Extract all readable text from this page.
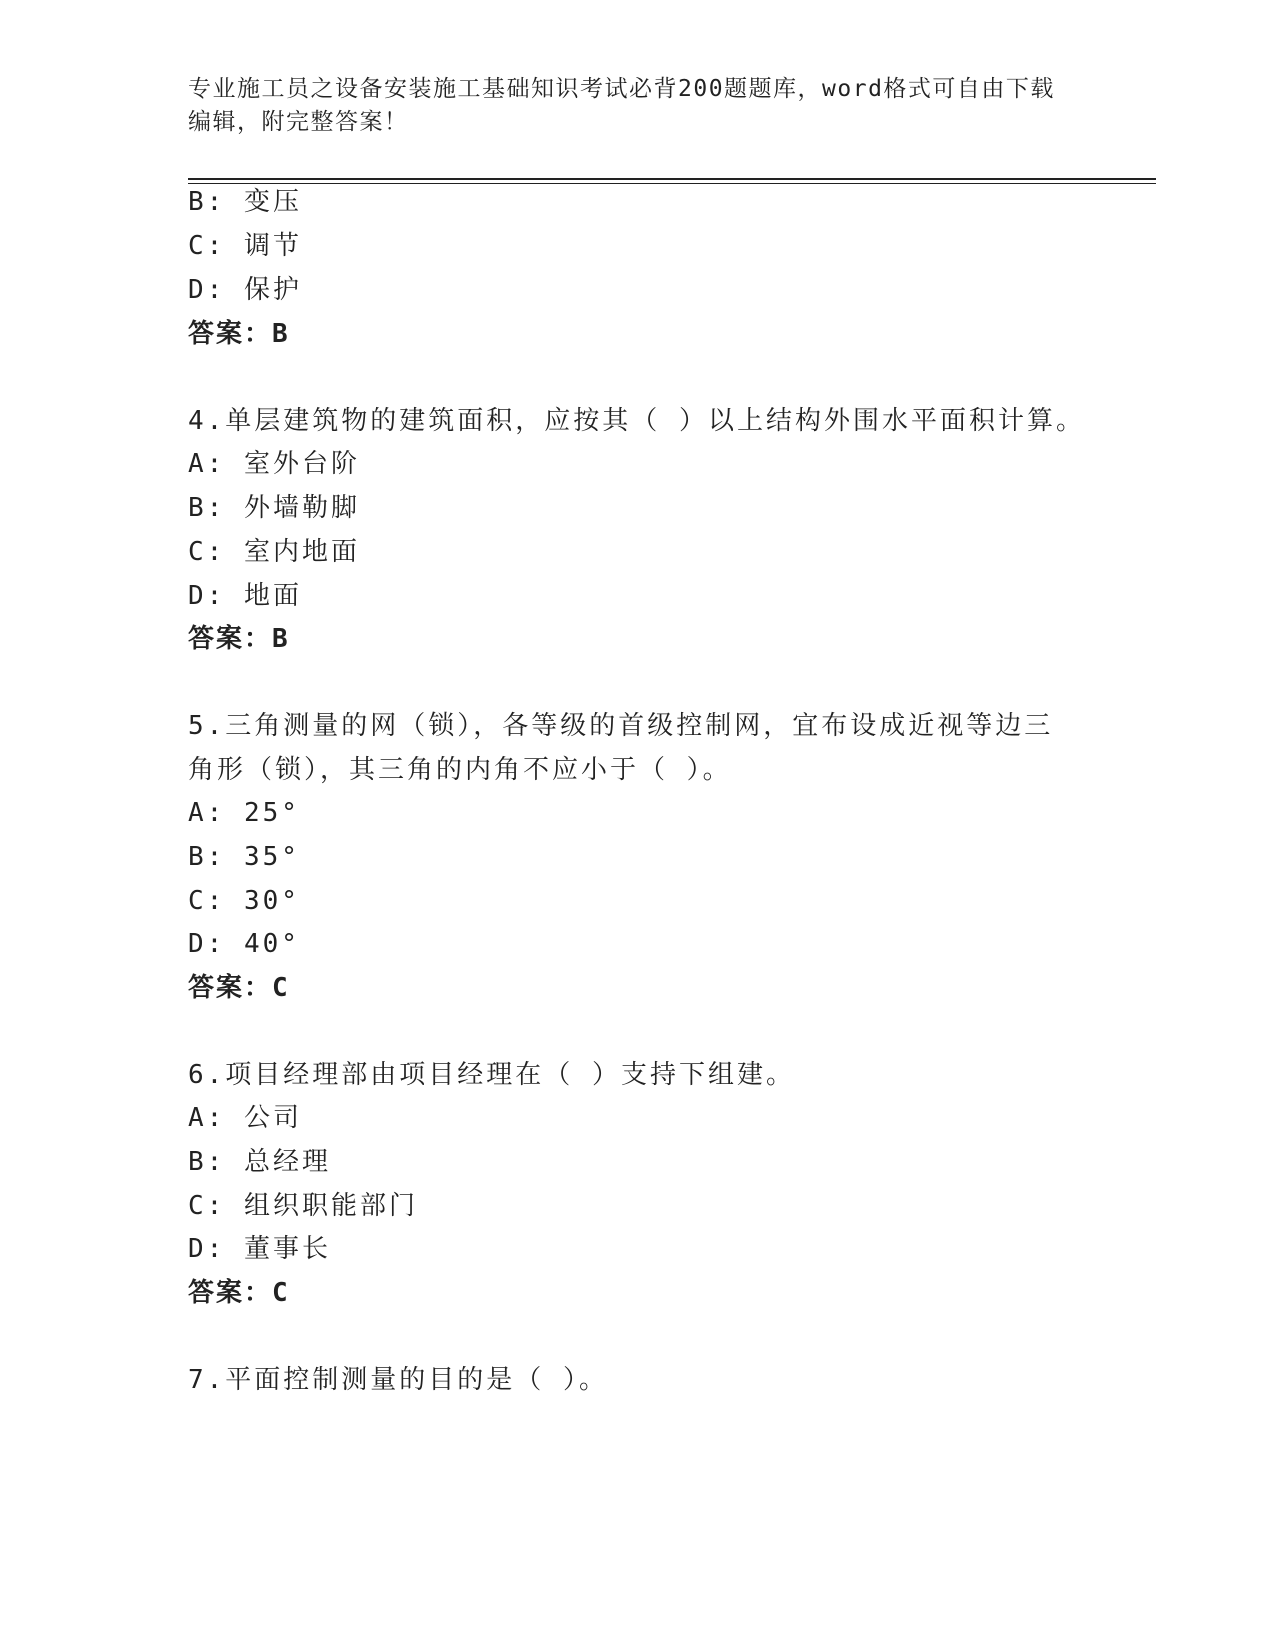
专业施工员之设备安装施工基础知识考试必背200题题库，word格式可自由下载
编辑，附完整答案！
B: 变压
C: 调节
D: 保护
答案：B
4.单层建筑物的建筑面积，应按其（ ）以上结构外围水平面积计算。
A: 室外台阶
B: 外墙勒脚
C: 室内地面
D: 地面
答案：B
5.三角测量的网（锁），各等级的首级控制网，宜布设成近视等边三
角形（锁），其三角的内角不应小于（ ）。
A: 25°
B: 35°
C: 30°
D: 40°
答案：C
6.项目经理部由项目经理在（ ）支持下组建。
A: 公司
B: 总经理
C: 组织职能部门
D: 董事长
答案：C
7.平面控制测量的目的是（ ）。
